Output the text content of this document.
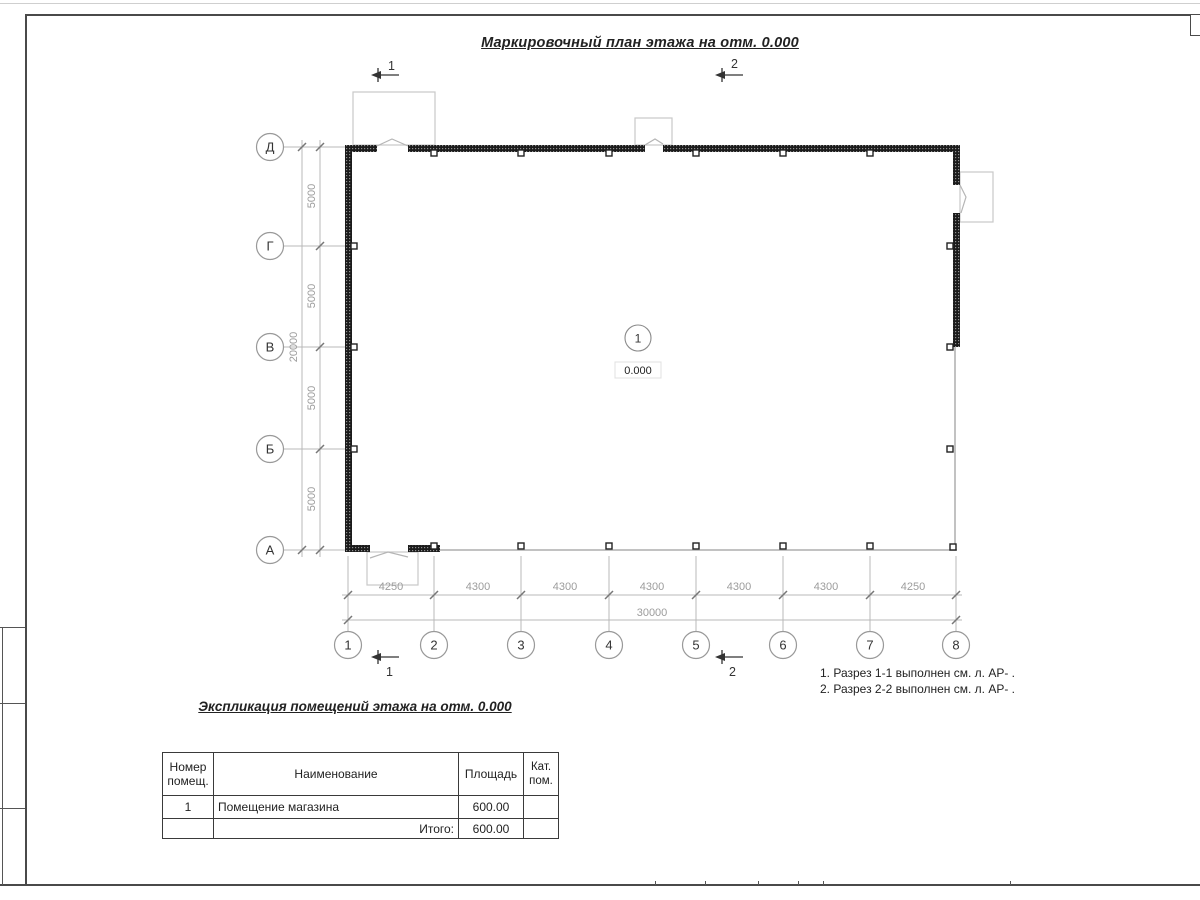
Маркировочный план этажа на отм. 0.000
5000
5000
5000
5000
20000
4250	4300	4300	4300	4300	4300	4250
30000
Д
Г
В
Б
А
1	2	3	4	5	6	7	8
1	2
1	2
1
0.000
1. Разрез 1-1 выполнен см. л. АР- .
2. Разрез 2-2 выполнен см. л. АР- .
Экспликация помещений этажа на отм. 0.000
Номер помещ.	Наименование	Площадь	Кат. пом.
1	Помещение магазина	600.00	
	Итого:	600.00	
